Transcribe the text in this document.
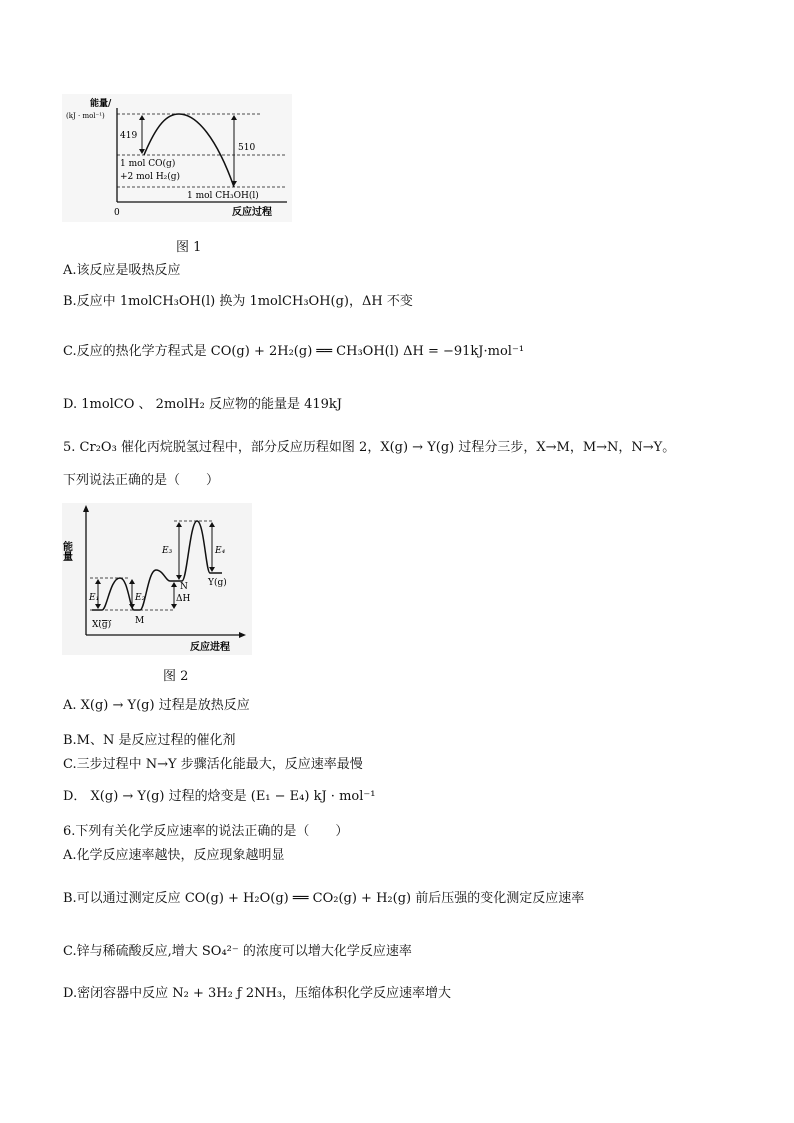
能量/
(kJ · mol⁻¹)
419
510
1 mol CO(g)
+2 mol H₂(g)
1 mol CH₃OH(l)
0	反应过程
图 1
A.该反应是吸热反应
B.反应中 1molCH₃OH(l) 换为 1molCH₃OH(g)，ΔH 不变
C.反应的热化学方程式是 CO(g) + 2H₂(g) ══ CH₃OH(l) ΔH = −91kJ·mol⁻¹
D. 1molCO 、 2molH₂ 反应物的能量是 419kJ
5. Cr₂O₃ 催化丙烷脱氢过程中，部分反应历程如图 2，X(g) → Y(g) 过程分三步，X→M，M→N，N→Y。
下列说法正确的是（　　）
能量
E₁	E₂
E₃	E₄
ΔH
X(g)	M
N Y(g)
反应进程
图 2
A. X(g) → Y(g) 过程是放热反应
B.M、N 是反应过程的催化剂
C.三步过程中 N→Y 步骤活化能最大，反应速率最慢
D． X(g) → Y(g) 过程的焓变是 (E₁ − E₄) kJ · mol⁻¹
6.下列有关化学反应速率的说法正确的是（　　）
A.化学反应速率越快，反应现象越明显
B.可以通过测定反应 CO(g) + H₂O(g) ══ CO₂(g) + H₂(g) 前后压强的变化测定反应速率
C.锌与稀硫酸反应,增大 SO₄²⁻ 的浓度可以增大化学反应速率
D.密闭容器中反应 N₂ + 3H₂ ƒ 2NH₃，压缩体积化学反应速率增大
